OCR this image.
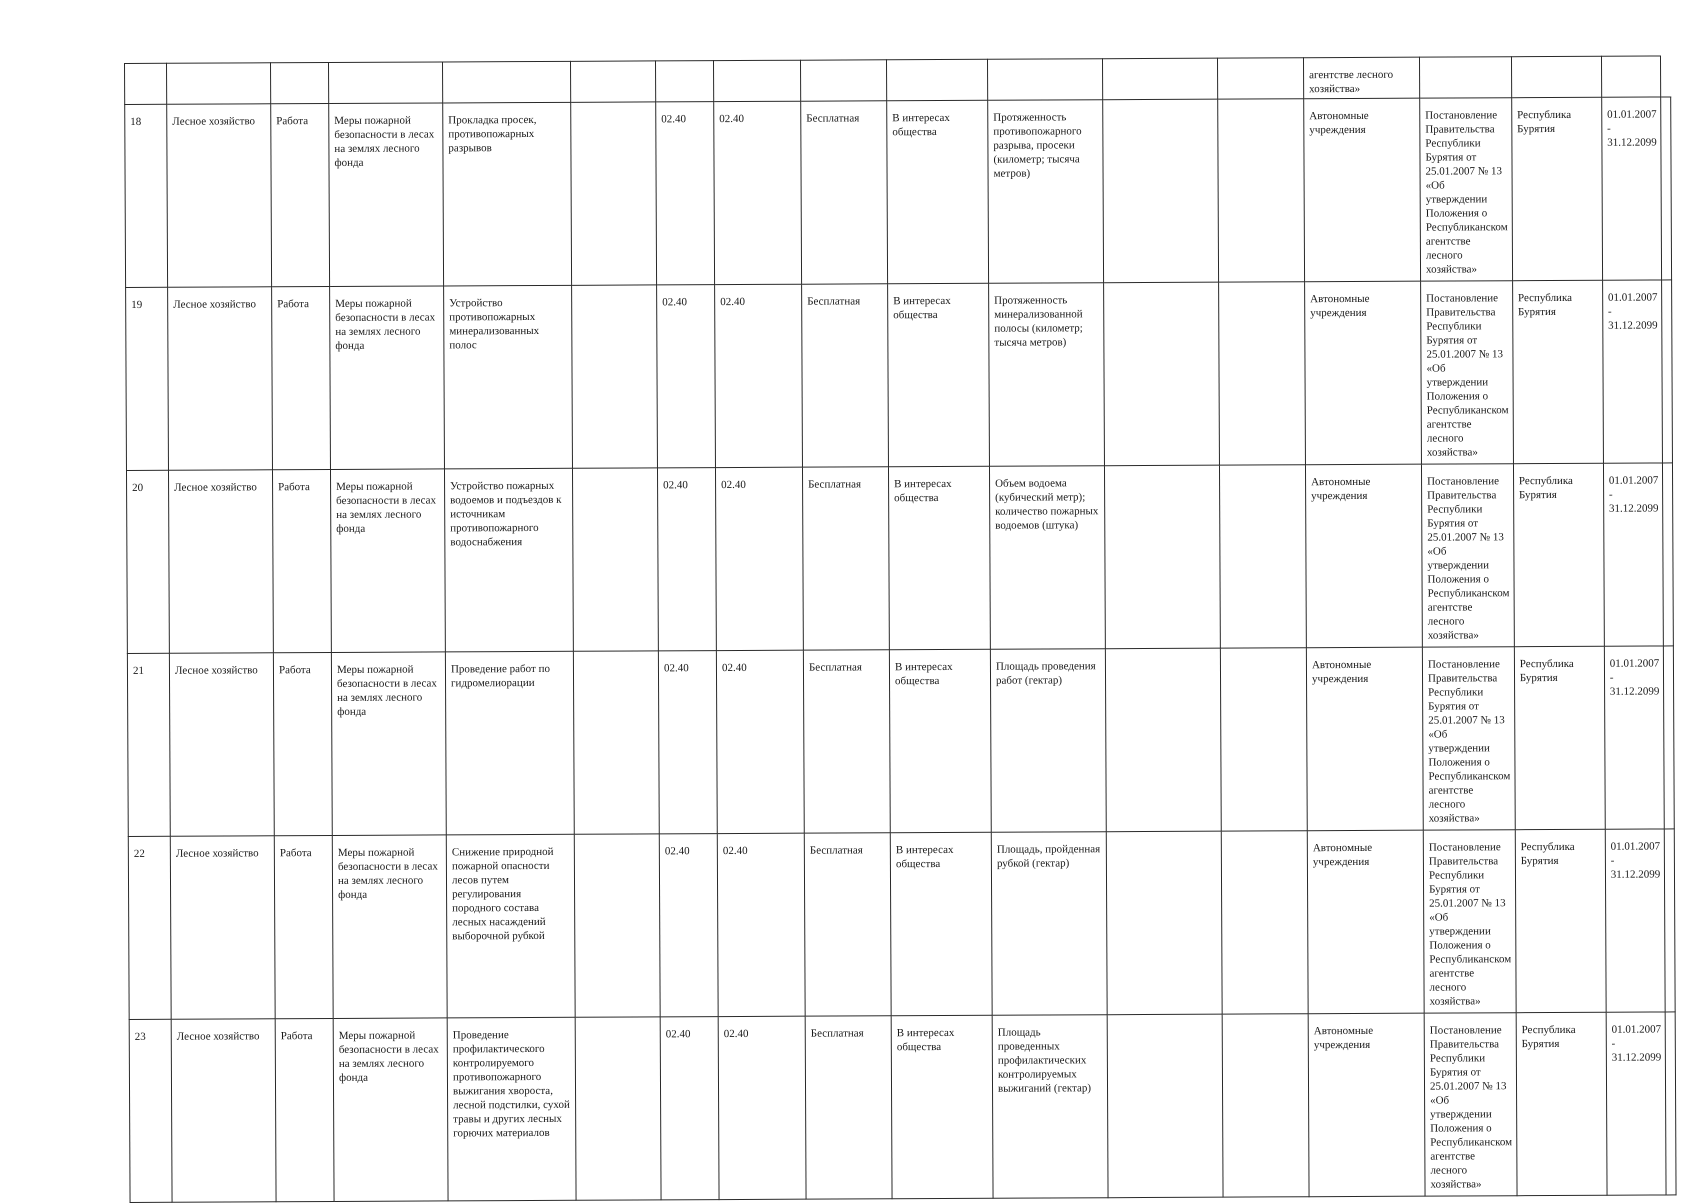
													агентстве лесного хозяйства»				
18	Лесное хозяйство	Работа	Меры пожарной безопасности в лесах на землях лесного фонда	Прокладка просек, противопожарных разрывов		02.40	02.40	Бесплатная	В интересах общества	Протяженность противопожарного разрыва, просеки (километр; тысяча метров)			Автономные учреждения	Постановление Правительства Республики Бурятия от 25.01.2007 № 13 «Об утверждении Положения о Республиканском агентстве лесного хозяйства»	Республика Бурятия	01.01.2007 - 31.12.2099	
19	Лесное хозяйство	Работа	Меры пожарной безопасности в лесах на землях лесного фонда	Устройство противопожарных минерализованных полос		02.40	02.40	Бесплатная	В интересах общества	Протяженность минерализованной полосы (километр; тысяча метров)			Автономные учреждения	Постановление Правительства Республики Бурятия от 25.01.2007 № 13 «Об утверждении Положения о Республиканском агентстве лесного хозяйства»	Республика Бурятия	01.01.2007 - 31.12.2099	
20	Лесное хозяйство	Работа	Меры пожарной безопасности в лесах на землях лесного фонда	Устройство пожарных водоемов и подъездов к источникам противопожарного водоснабжения		02.40	02.40	Бесплатная	В интересах общества	Объем водоема (кубический метр); количество пожарных водоемов (штука)			Автономные учреждения	Постановление Правительства Республики Бурятия от 25.01.2007 № 13 «Об утверждении Положения о Республиканском агентстве лесного хозяйства»	Республика Бурятия	01.01.2007 - 31.12.2099	
21	Лесное хозяйство	Работа	Меры пожарной безопасности в лесах на землях лесного фонда	Проведение работ по гидромелиорации		02.40	02.40	Бесплатная	В интересах общества	Площадь проведения работ (гектар)			Автономные учреждения	Постановление Правительства Республики Бурятия от 25.01.2007 № 13 «Об утверждении Положения о Республиканском агентстве лесного хозяйства»	Республика Бурятия	01.01.2007 - 31.12.2099	
22	Лесное хозяйство	Работа	Меры пожарной безопасности в лесах на землях лесного фонда	Снижение природной пожарной опасности лесов путем регулирования породного состава лесных насаждений выборочной рубкой		02.40	02.40	Бесплатная	В интересах общества	Площадь, пройденная рубкой (гектар)			Автономные учреждения	Постановление Правительства Республики Бурятия от 25.01.2007 № 13 «Об утверждении Положения о Республиканском агентстве лесного хозяйства»	Республика Бурятия	01.01.2007 - 31.12.2099	
23	Лесное хозяйство	Работа	Меры пожарной безопасности в лесах на землях лесного фонда	Проведение профилактического контролируемого противопожарного выжигания хвороста, лесной подстилки, сухой травы и других лесных горючих материалов		02.40	02.40	Бесплатная	В интересах общества	Площадь проведенных профилактических контролируемых выжиганий (гектар)			Автономные учреждения	Постановление Правительства Республики Бурятия от 25.01.2007 № 13 «Об утверждении Положения о Республиканском агентстве лесного хозяйства»	Республика Бурятия	01.01.2007 - 31.12.2099	
